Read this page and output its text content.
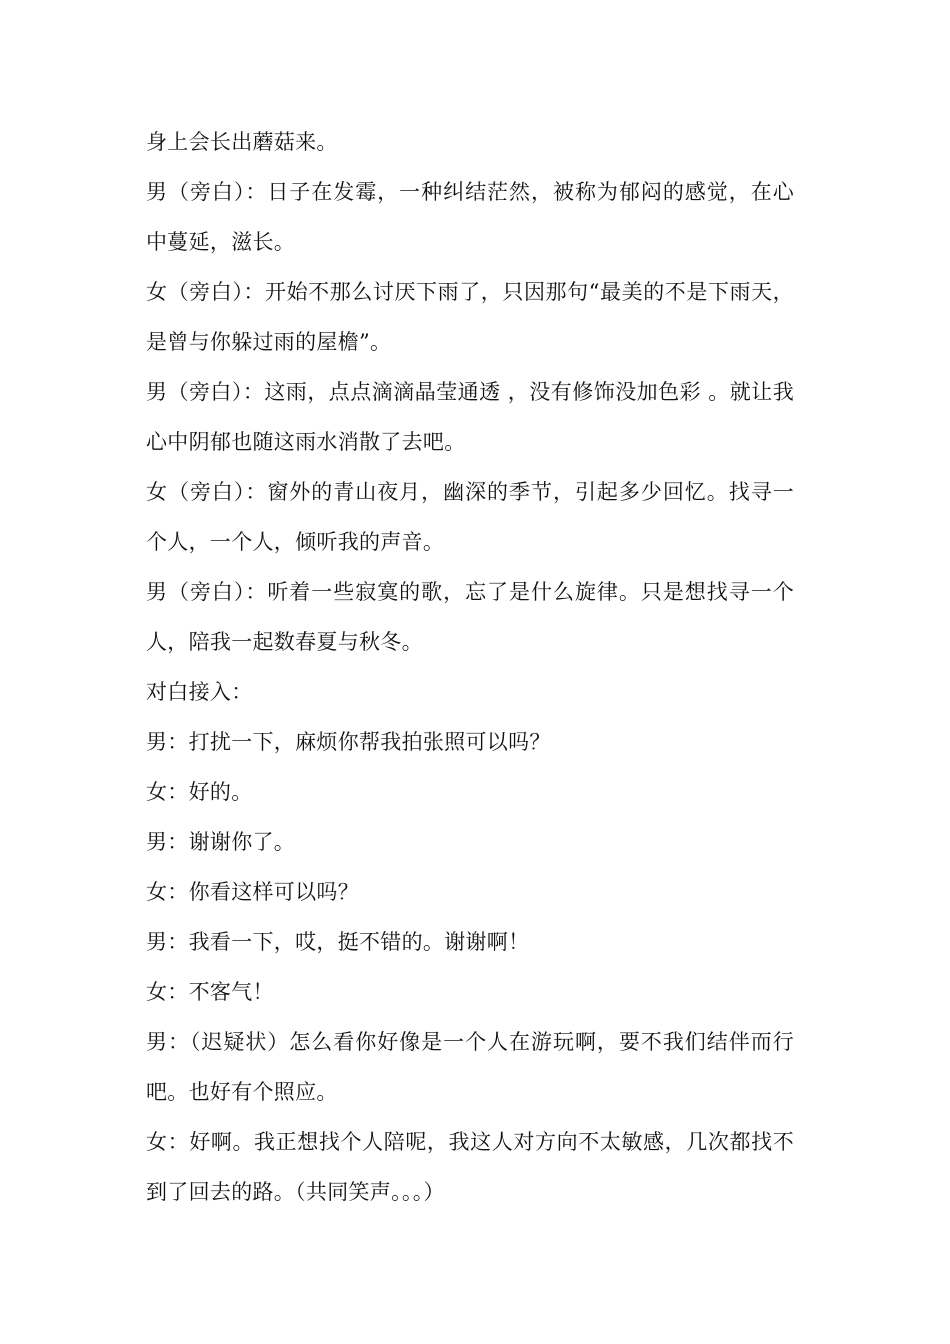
身上会长出蘑菇来。

男（旁白）：日子在发霉，一种纠结茫然，被称为郁闷的感觉，在心中蔓延，滋长。

女（旁白）：开始不那么讨厌下雨了，只因那句“最美的不是下雨天，是曾与你躲过雨的屋檐”。

男（旁白）：这雨，点点滴滴晶莹通透 ，没有修饰没加色彩 。就让我心中阴郁也随这雨水消散了去吧。

女（旁白）：窗外的青山夜月，幽深的季节，引起多少回忆。找寻一个人，一个人，倾听我的声音。

男（旁白）：听着一些寂寞的歌，忘了是什么旋律。只是想找寻一个人，陪我一起数春夏与秋冬。

对白接入：

男：打扰一下，麻烦你帮我拍张照可以吗？

女：好的。

男：谢谢你了。

女：你看这样可以吗？

男：我看一下，哎，挺不错的。谢谢啊！

女：不客气！

男：（迟疑状）怎么看你好像是一个人在游玩啊，要不我们结伴而行吧。也好有个照应。

女：好啊。我正想找个人陪呢，我这人对方向不太敏感，几次都找不到了回去的路。（共同笑声。。。）
